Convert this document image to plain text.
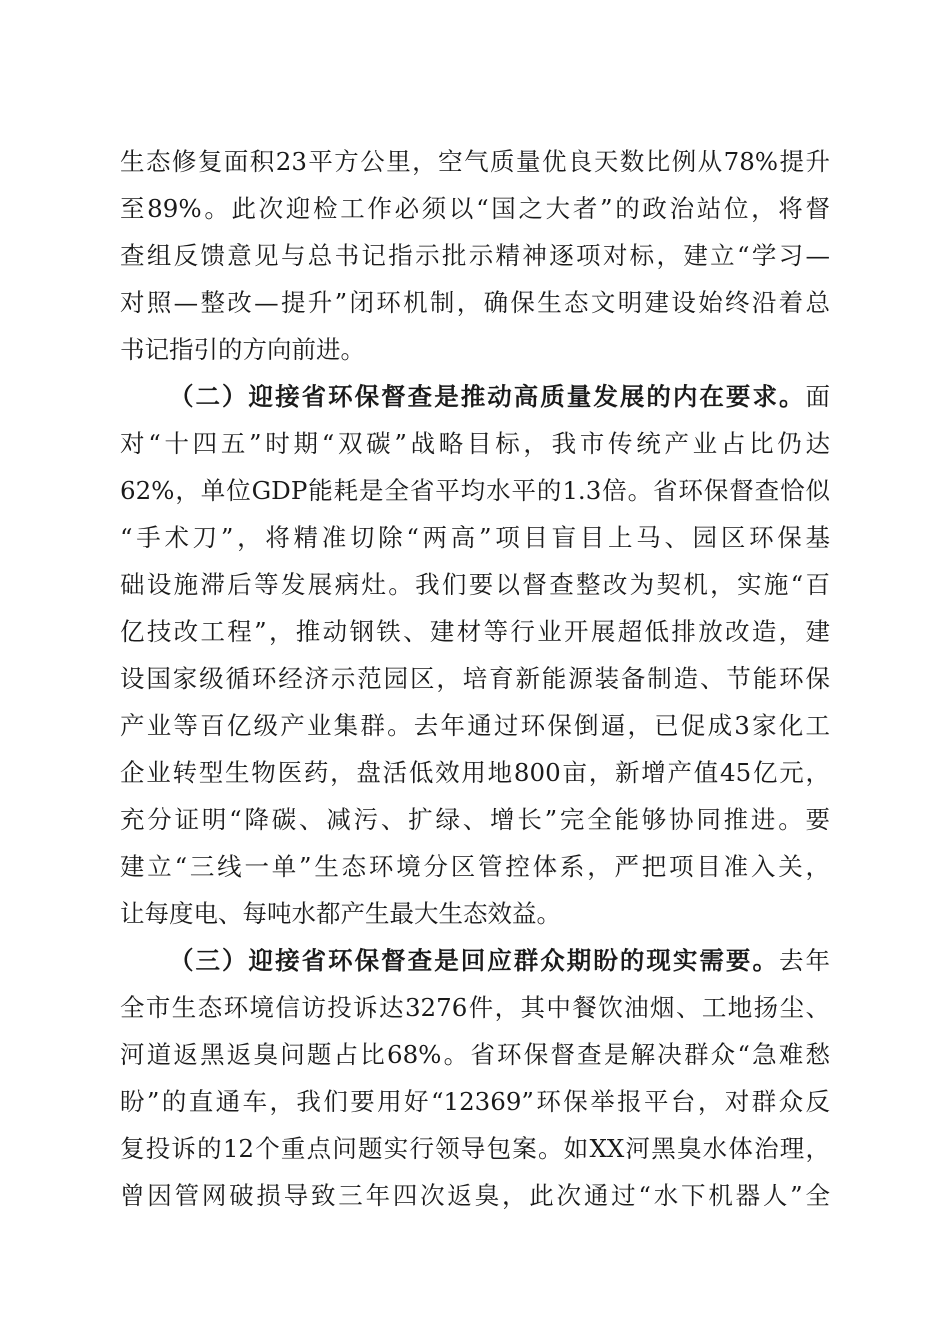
生态修复面积23平方公里，空气质量优良天数比例从78%提升
至89%。此次迎检工作必须以“国之大者”的政治站位，将督
查组反馈意见与总书记指示批示精神逐项对标，建立“学习—
对照—整改—提升”闭环机制，确保生态文明建设始终沿着总
书记指引的方向前进。
（二）迎接省环保督查是推动高质量发展的内在要求。面
对“十四五”时期“双碳”战略目标，我市传统产业占比仍达
62%，单位GDP能耗是全省平均水平的1.3倍。省环保督查恰似
“手术刀”，将精准切除“两高”项目盲目上马、园区环保基
础设施滞后等发展病灶。我们要以督查整改为契机，实施“百
亿技改工程”，推动钢铁、建材等行业开展超低排放改造，建
设国家级循环经济示范园区，培育新能源装备制造、节能环保
产业等百亿级产业集群。去年通过环保倒逼，已促成3家化工
企业转型生物医药，盘活低效用地800亩，新增产值45亿元，
充分证明“降碳、减污、扩绿、增长”完全能够协同推进。要
建立“三线一单”生态环境分区管控体系，严把项目准入关，
让每度电、每吨水都产生最大生态效益。
（三）迎接省环保督查是回应群众期盼的现实需要。去年
全市生态环境信访投诉达3276件，其中餐饮油烟、工地扬尘、
河道返黑返臭问题占比68%。省环保督查是解决群众“急难愁
盼”的直通车，我们要用好“12369”环保举报平台，对群众反
复投诉的12个重点问题实行领导包案。如XX河黑臭水体治理，
曾因管网破损导致三年四次返臭，此次通过“水下机器人”全
